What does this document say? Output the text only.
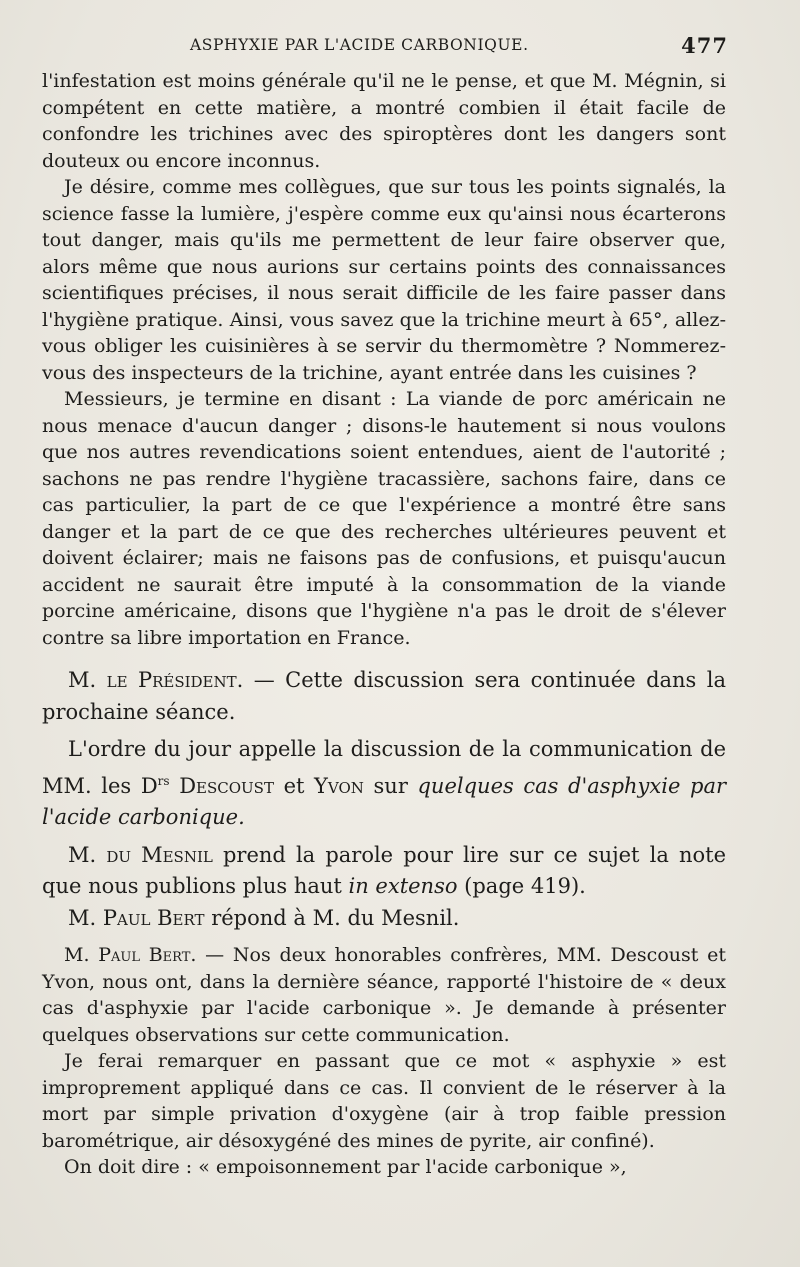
ASPHYXIE PAR L'ACIDE CARBONIQUE.	477

l'infestation est moins générale qu'il ne le pense, et que M. Mégnin, si compétent en cette matière, a montré combien il était facile de confondre les trichines avec des spiroptères dont les dangers sont douteux ou encore inconnus.

Je désire, comme mes collègues, que sur tous les points signalés, la science fasse la lumière, j'espère comme eux qu'ainsi nous écarterons tout danger, mais qu'ils me permettent de leur faire observer que, alors même que nous aurions sur certains points des connaissances scientifiques précises, il nous serait difficile de les faire passer dans l'hygiène pratique. Ainsi, vous savez que la trichine meurt à 65°, allez-vous obliger les cuisinières à se servir du thermomètre ? Nommerez-vous des inspecteurs de la trichine, ayant entrée dans les cuisines ?

Messieurs, je termine en disant : La viande de porc américain ne nous menace d'aucun danger ; disons-le hautement si nous voulons que nos autres revendications soient entendues, aient de l'autorité ; sachons ne pas rendre l'hygiène tracassière, sachons faire, dans ce cas particulier, la part de ce que l'expérience a montré être sans danger et la part de ce que des recherches ultérieures peuvent et doivent éclairer; mais ne faisons pas de confusions, et puisqu'aucun accident ne saurait être imputé à la consommation de la viande porcine américaine, disons que l'hygiène n'a pas le droit de s'élever contre sa libre importation en France.

M. le Président. — Cette discussion sera continuée dans la prochaine séance.

L'ordre du jour appelle la discussion de la communication de MM. les $D^{rs}$ Descoust et Yvon sur quelques cas d'asphyxie par l'acide carbonique.

M. du Mesnil prend la parole pour lire sur ce sujet la note que nous publions plus haut in extenso (page 419).

M. Paul Bert répond à M. du Mesnil.

M. Paul Bert. — Nos deux honorables confrères, MM. Descoust et Yvon, nous ont, dans la dernière séance, rapporté l'histoire de « deux cas d'asphyxie par l'acide carbonique ». Je demande à présenter quelques observations sur cette communication.

Je ferai remarquer en passant que ce mot « asphyxie » est improprement appliqué dans ce cas. Il convient de le réserver à la mort par simple privation d'oxygène (air à trop faible pression barométrique, air désoxygéné des mines de pyrite, air confiné).

On doit dire : « empoisonnement par l'acide carbonique »,
